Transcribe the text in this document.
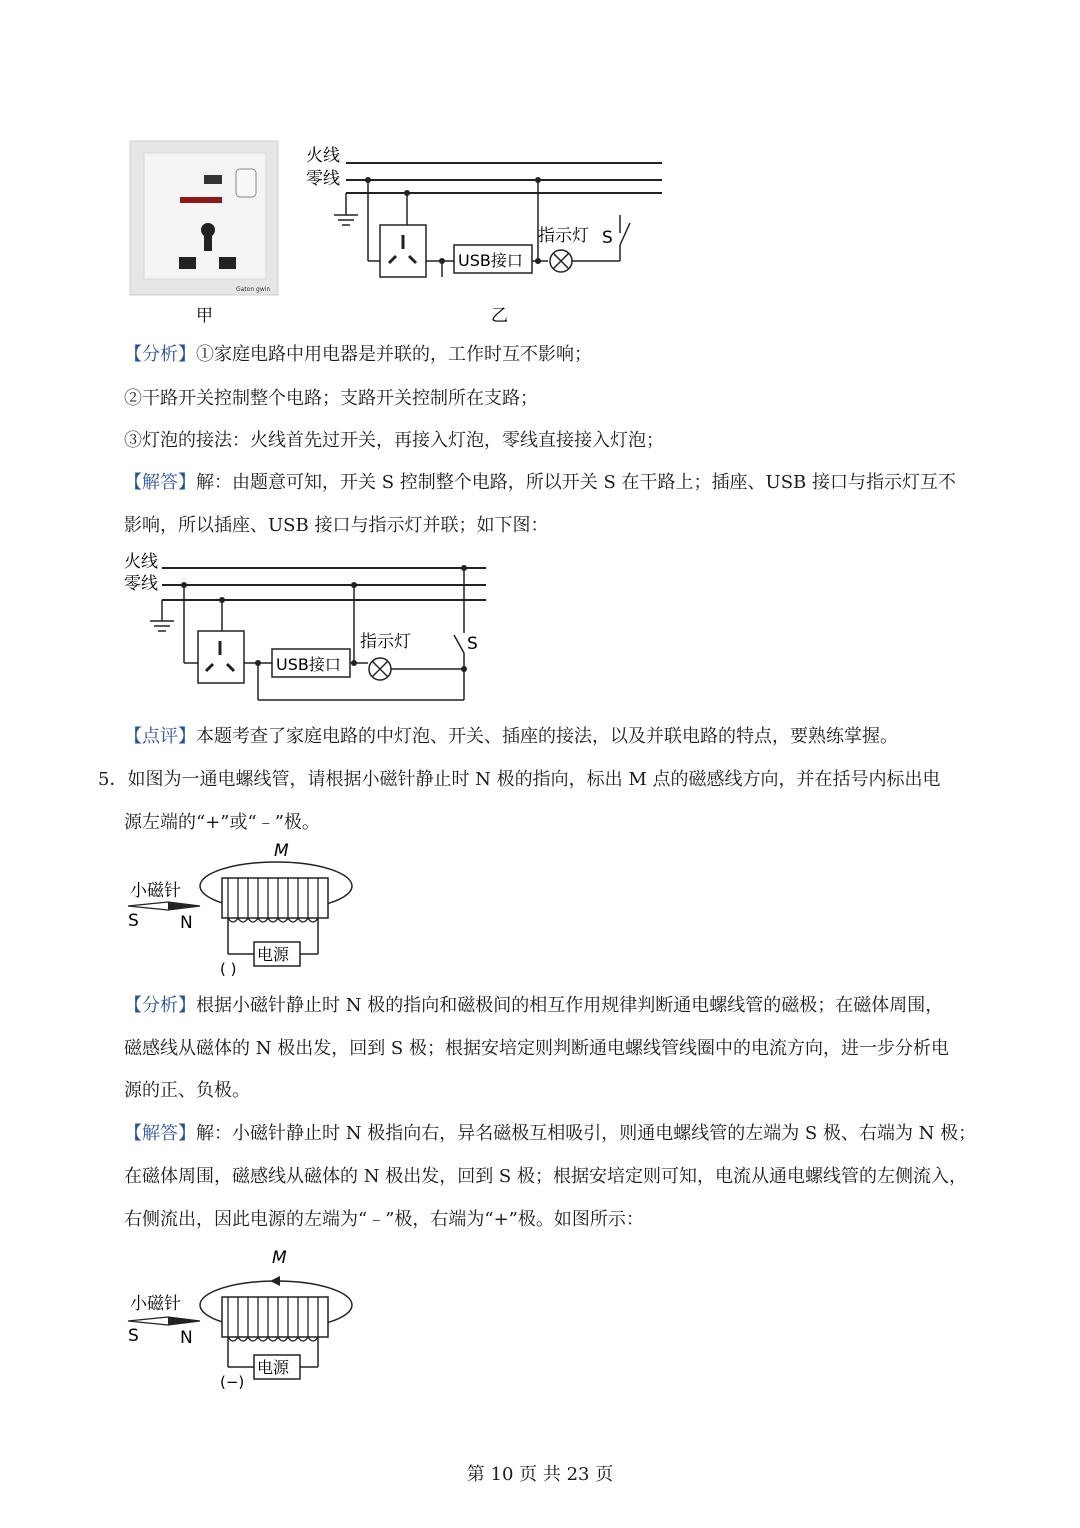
Gaton gwin
火线
零线
USB接口
指示灯 S
甲	乙
【分析】①家庭电路中用电器是并联的，工作时互不影响；
②干路开关控制整个电路；支路开关控制所在支路；
③灯泡的接法：火线首先过开关，再接入灯泡，零线直接接入灯泡；
【解答】解：由题意可知，开关 S 控制整个电路，所以开关 S 在干路上；插座、USB 接口与指示灯互不
影响，所以插座、USB 接口与指示灯并联；如下图：
火线
零线
USB接口
指示灯	S
【点评】本题考查了家庭电路的中灯泡、开关、插座的接法，以及并联电路的特点，要熟练掌握。
5．如图为一通电螺线管，请根据小磁针静止时 N 极的指向，标出 M 点的磁感线方向，并在括号内标出电
源左端的“+”或“﹣”极。
M
电源
( )
小磁针
S N
【分析】根据小磁针静止时 N 极的指向和磁极间的相互作用规律判断通电螺线管的磁极；在磁体周围，
磁感线从磁体的 N 极出发，回到 S 极；根据安培定则判断通电螺线管线圈中的电流方向，进一步分析电
源的正、负极。
【解答】解：小磁针静止时 N 极指向右，异名磁极互相吸引，则通电螺线管的左端为 S 极、右端为 N 极；
在磁体周围，磁感线从磁体的 N 极出发，回到 S 极；根据安培定则可知，电流从通电螺线管的左侧流入，
右侧流出，因此电源的左端为“﹣”极，右端为“+”极。如图所示：
M
电源
(−)
小磁针
S N
第 10 页 共 23 页
